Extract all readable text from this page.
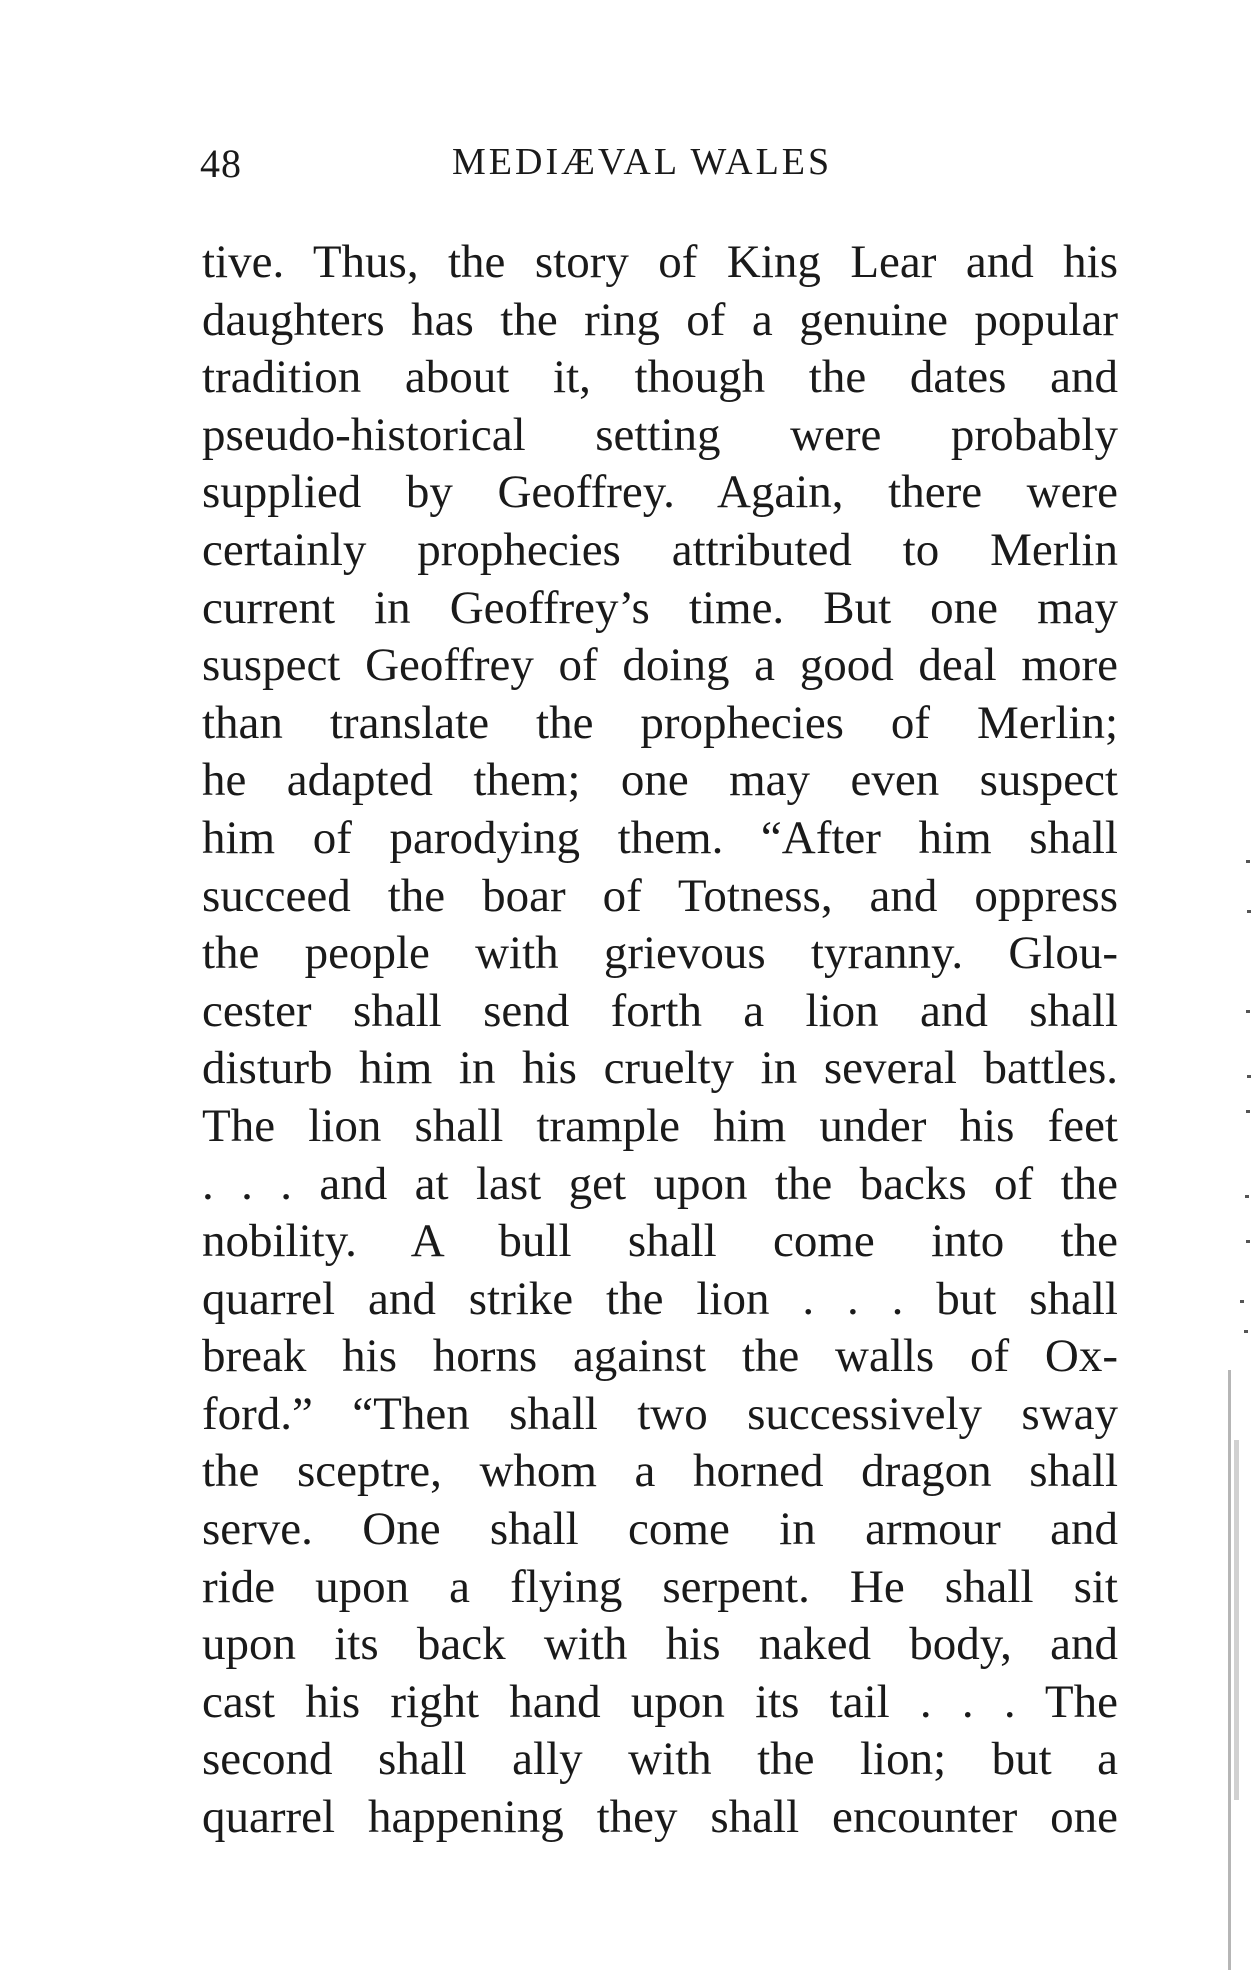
48	MEDIÆVAL WALES
tive. Thus, the story of King Lear and his
daughters has the ring of a genuine popular
tradition about it, though the dates and
pseudo-historical setting were probably
supplied by Geoffrey. Again, there were
certainly prophecies attributed to Merlin
current in Geoffrey’s time. But one may
suspect Geoffrey of doing a good deal more
than translate the prophecies of Merlin;
he adapted them; one may even suspect
him of parodying them. “After him shall
succeed the boar of Totness, and oppress
the people with grievous tyranny. Glou-
cester shall send forth a lion and shall
disturb him in his cruelty in several battles.
The lion shall trample him under his feet
. . . and at last get upon the backs of the
nobility. A bull shall come into the
quarrel and strike the lion . . . but shall
break his horns against the walls of Ox-
ford.” “Then shall two successively sway
the sceptre, whom a horned dragon shall
serve. One shall come in armour and
ride upon a flying serpent. He shall sit
upon its back with his naked body, and
cast his right hand upon its tail . . . The
second shall ally with the lion; but a
quarrel happening they shall encounter one
